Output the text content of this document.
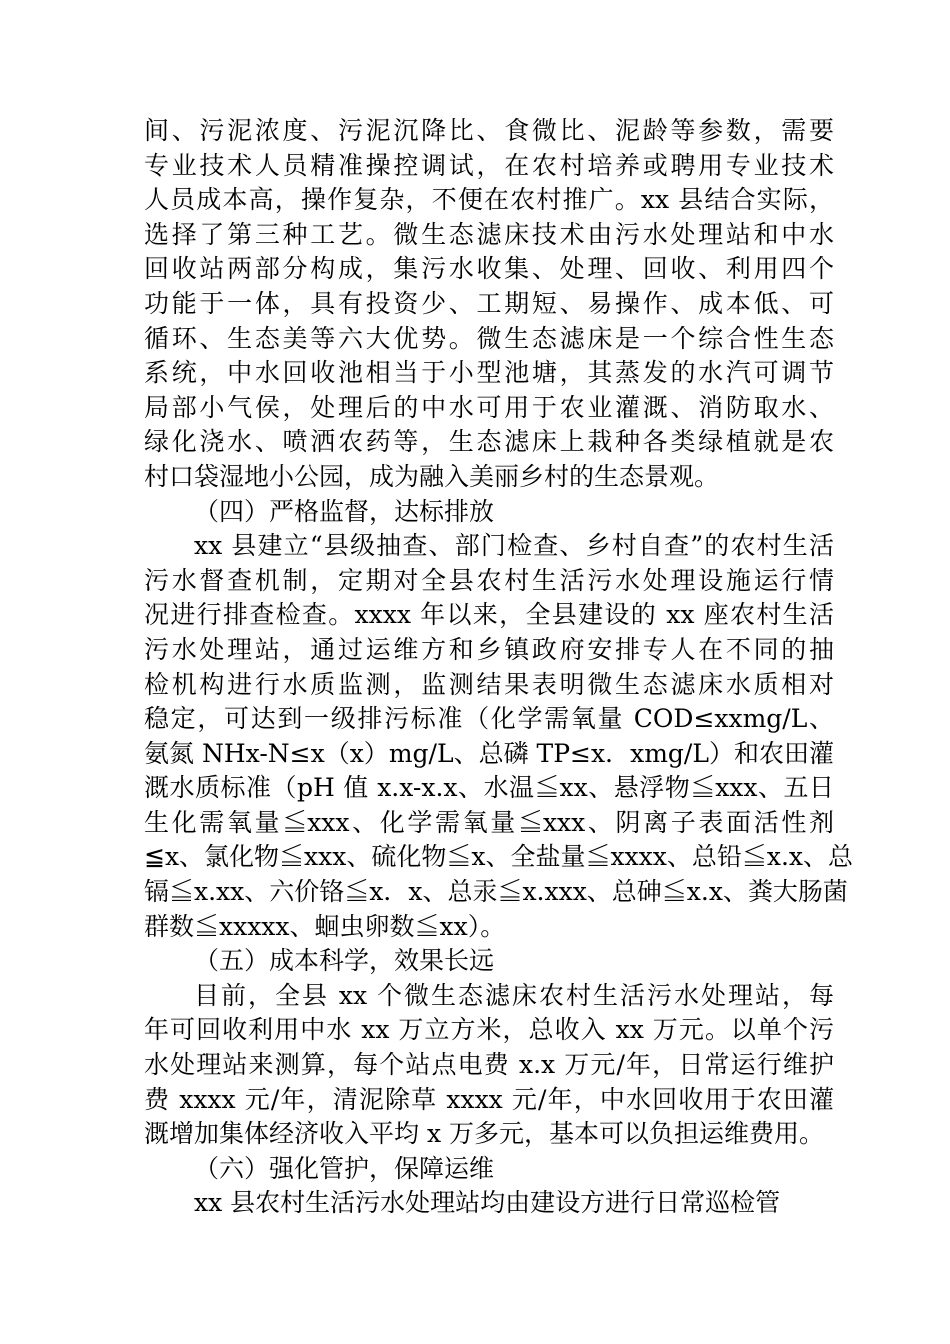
间、污泥浓度、污泥沉降比、食微比、泥龄等参数，需要
专业技术人员精准操控调试，在农村培养或聘用专业技术
人员成本高，操作复杂，不便在农村推广。xx 县结合实际，
选择了第三种工艺。微生态滤床技术由污水处理站和中水
回收站两部分构成，集污水收集、处理、回收、利用四个
功能于一体，具有投资少、工期短、易操作、成本低、可
循环、生态美等六大优势。微生态滤床是一个综合性生态
系统，中水回收池相当于小型池塘，其蒸发的水汽可调节
局部小气侯，处理后的中水可用于农业灌溉、消防取水、
绿化浇水、喷洒农药等，生态滤床上栽种各类绿植就是农
村口袋湿地小公园，成为融入美丽乡村的生态景观。
（四）严格监督，达标排放
xx 县建立“县级抽查、部门检查、乡村自查”的农村生活
污水督查机制，定期对全县农村生活污水处理设施运行情
况进行排查检查。xxxx 年以来，全县建设的 xx 座农村生活
污水处理站，通过运维方和乡镇政府安排专人在不同的抽
检机构进行水质监测，监测结果表明微生态滤床水质相对
稳定，可达到一级排污标准（化学需氧量 COD≤xxmg/L、
氨氮 NHx-N≤x（x）mg/L、总磷 TP≤x．xmg/L）和农田灌
溉水质标准（pH 值 x.x-x.x、水温≦xx、悬浮物≦xxx、五日
生化需氧量≦xxx、化学需氧量≦xxx、阴离子表面活性剂
≦x、氯化物≦xxx、硫化物≦x、全盐量≦xxxx、总铅≦x.x、总
镉≦x.xx、六价铬≦x．x、总汞≦x.xxx、总砷≦x.x、粪大肠菌
群数≦xxxxx、蛔虫卵数≦xx）。
（五）成本科学，效果长远
目前，全县 xx 个微生态滤床农村生活污水处理站，每
年可回收利用中水 xx 万立方米，总收入 xx 万元。以单个污
水处理站来测算，每个站点电费 x.x 万元/年，日常运行维护
费 xxxx 元/年，清泥除草 xxxx 元/年，中水回收用于农田灌
溉增加集体经济收入平均 x 万多元，基本可以负担运维费用。
（六）强化管护，保障运维
xx 县农村生活污水处理站均由建设方进行日常巡检管
